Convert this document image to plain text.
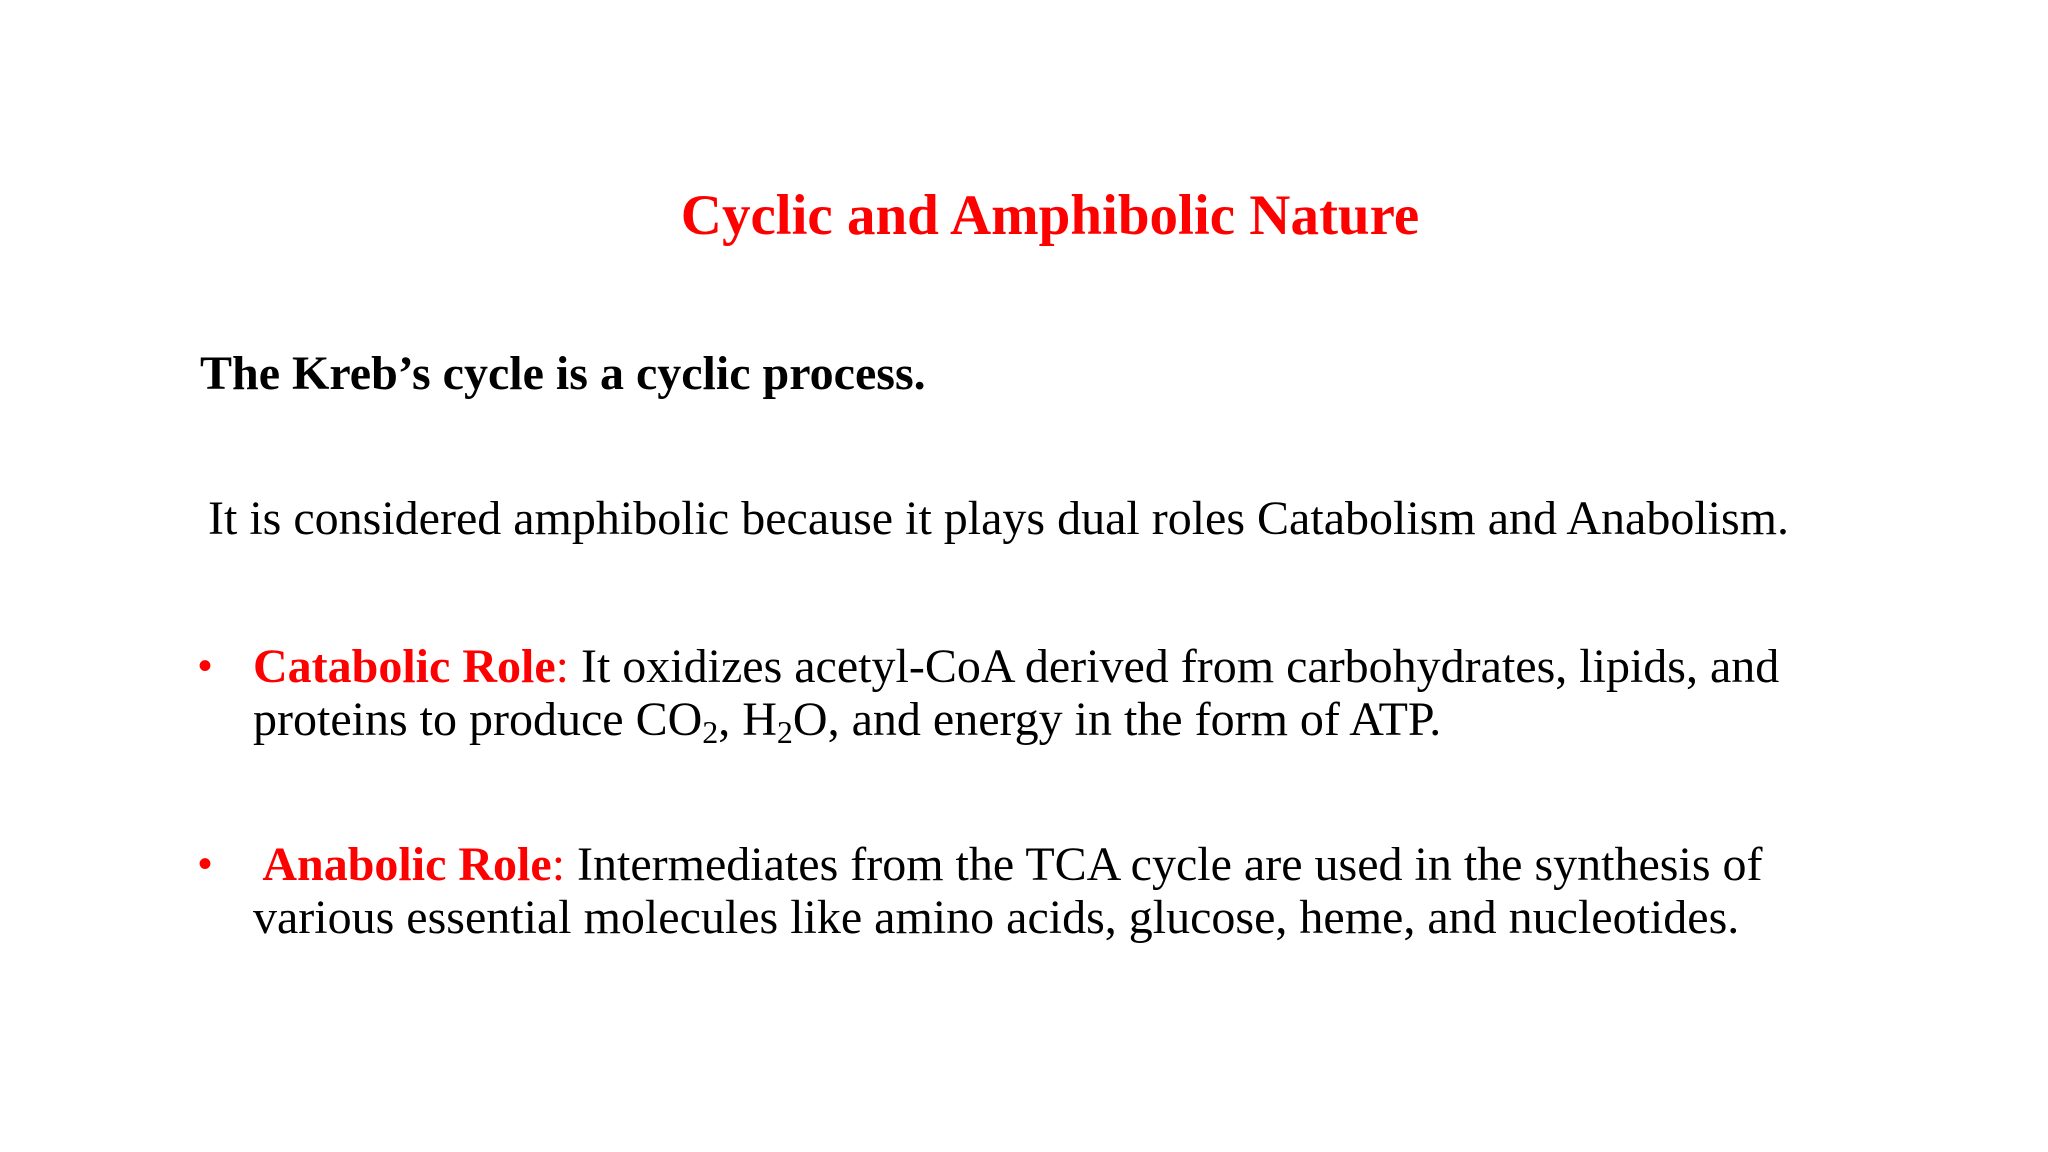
Cyclic and Amphibolic Nature
The Kreb’s cycle is a cyclic process.
It is considered amphibolic because it plays dual roles Catabolism and Anabolism.
• Catabolic Role: It oxidizes acetyl-CoA derived from carbohydrates, lipids, and
proteins to produce $CO_2$, $H_2O$, and energy in the form of ATP.
• Anabolic Role: Intermediates from the TCA cycle are used in the synthesis of
various essential molecules like amino acids, glucose, heme, and nucleotides.
